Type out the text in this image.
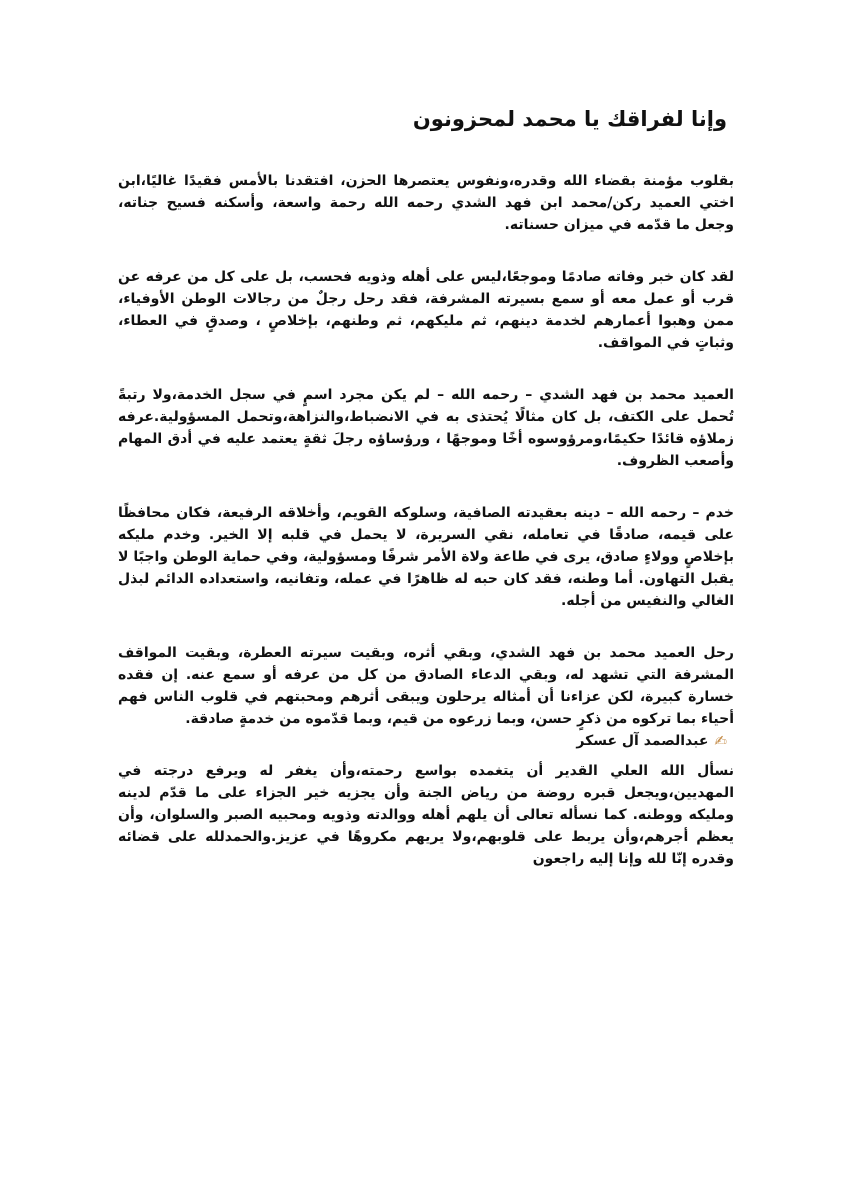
وإنا لفراقك يا محمد لمحزونون

بقلوب مؤمنة بقضاء الله وقدره،ونفوس يعتصرها الحزن، افتقدنا بالأمس فقيدًا غاليًا،ابن اختي العميد ركن/محمد ابن فهد الشدي رحمه الله رحمة واسعة، وأسكنه فسيح جناته، وجعل ما قدّمه في ميزان حسناته.

لقد كان خبر وفاته صادمًا وموجعًا،ليس على أهله وذويه فحسب، بل على كل من عرفه عن قرب أو عمل معه أو سمع بسيرته المشرفة، فقد رحل رجلٌ من رجالات الوطن الأوفياء، ممن وهبوا أعمارهم لخدمة دينهم، ثم مليكهم، ثم وطنهم، بإخلاصٍ ، وصدقٍ في العطاء، وثباتٍ في المواقف.

العميد محمد بن فهد الشدي – رحمه الله – لم يكن مجرد اسمٍ في سجل الخدمة،ولا رتبةً تُحمل على الكتف، بل كان مثالًا يُحتذى به في الانضباط،والنزاهة،وتحمل المسؤولية.عرفه زملاؤه قائدًا حكيمًا،ومرؤوسوه أخًا وموجهًا ، ورؤساؤه رجلَ ثقةٍ يعتمد عليه في أدق المهام وأصعب الظروف.

خدم – رحمه الله – دينه بعقيدته الصافية، وسلوكه القويم، وأخلاقه الرفيعة، فكان محافظًا على قيمه، صادقًا في تعامله، نقي السريرة، لا يحمل في قلبه إلا الخير. وخدم مليكه بإخلاصٍ وولاءٍ صادق، يرى في طاعة ولاة الأمر شرفًا ومسؤولية، وفي حماية الوطن واجبًا لا يقبل التهاون. أما وطنه، فقد كان حبه له ظاهرًا في عمله، وتفانيه، واستعداده الدائم لبذل الغالي والنفيس من أجله.

رحل العميد محمد بن فهد الشدي، وبقي أثره، وبقيت سيرته العطرة، وبقيت المواقف المشرفة التي تشهد له، وبقي الدعاء الصادق من كل من عرفه أو سمع عنه. إن فقده خسارة كبيرة، لكن عزاءنا أن أمثاله يرحلون ويبقى أثرهم ومحبتهم في قلوب الناس فهم أحياء بما تركوه من ذكرٍ حسن، وبما زرعوه من قيم، وبما قدّموه من خدمةٍ صادقة.

نسأل الله العلي القدير أن يتغمده بواسع رحمته،وأن يغفر له ويرفع درجته في المهديين،ويجعل قبره روضة من رياض الجنة وأن يجزيه خير الجزاء على ما قدّم لدينه ومليكه ووطنه. كما نسأله تعالى أن يلهم أهله ووالدته وذويه ومحبيه الصبر والسلوان، وأن يعظم أجرهم،وأن يربط على قلوبهم،ولا يريهم مكروهًا في عزيز.والحمدلله على قضائه وقدره إنّا لله وإنا إليه راجعون

✍
عبدالصمد آل عسكر
